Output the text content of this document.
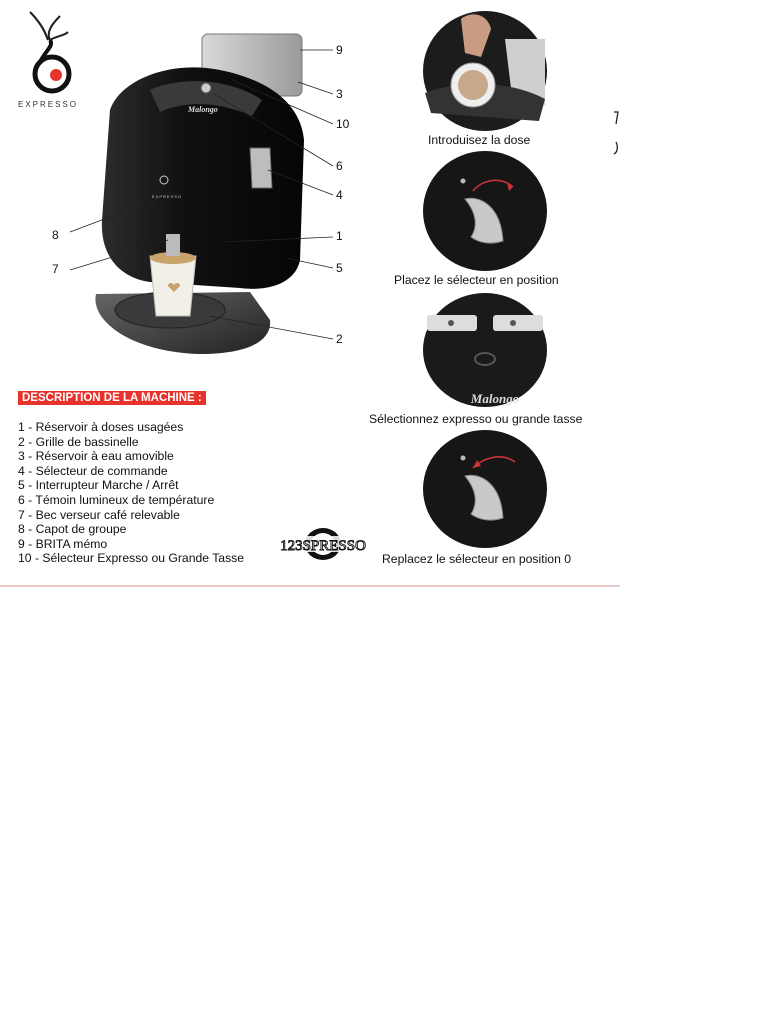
EXPRESSO
Malongo
EXPRESSO
9
3
10
6
4
8	1
7	5
2
DESCRIPTION DE LA MACHINE :
1 - Réservoir à doses usagées
2 - Grille de bassinelle
3 - Réservoir à eau amovible
4 - Sélecteur de commande
5 - Interrupteur Marche / Arrêt
6 - Témoin lumineux de température
7 - Bec verseur café relevable
8 - Capot de groupe
9 - BRITA mémo
10 - Sélecteur Expresso ou Grande Tasse
123SPRESSO
Introduisez la dose
Placez le sélecteur en position
Malongo
Sélectionnez expresso ou grande tasse
Replacez le sélecteur en position 0
